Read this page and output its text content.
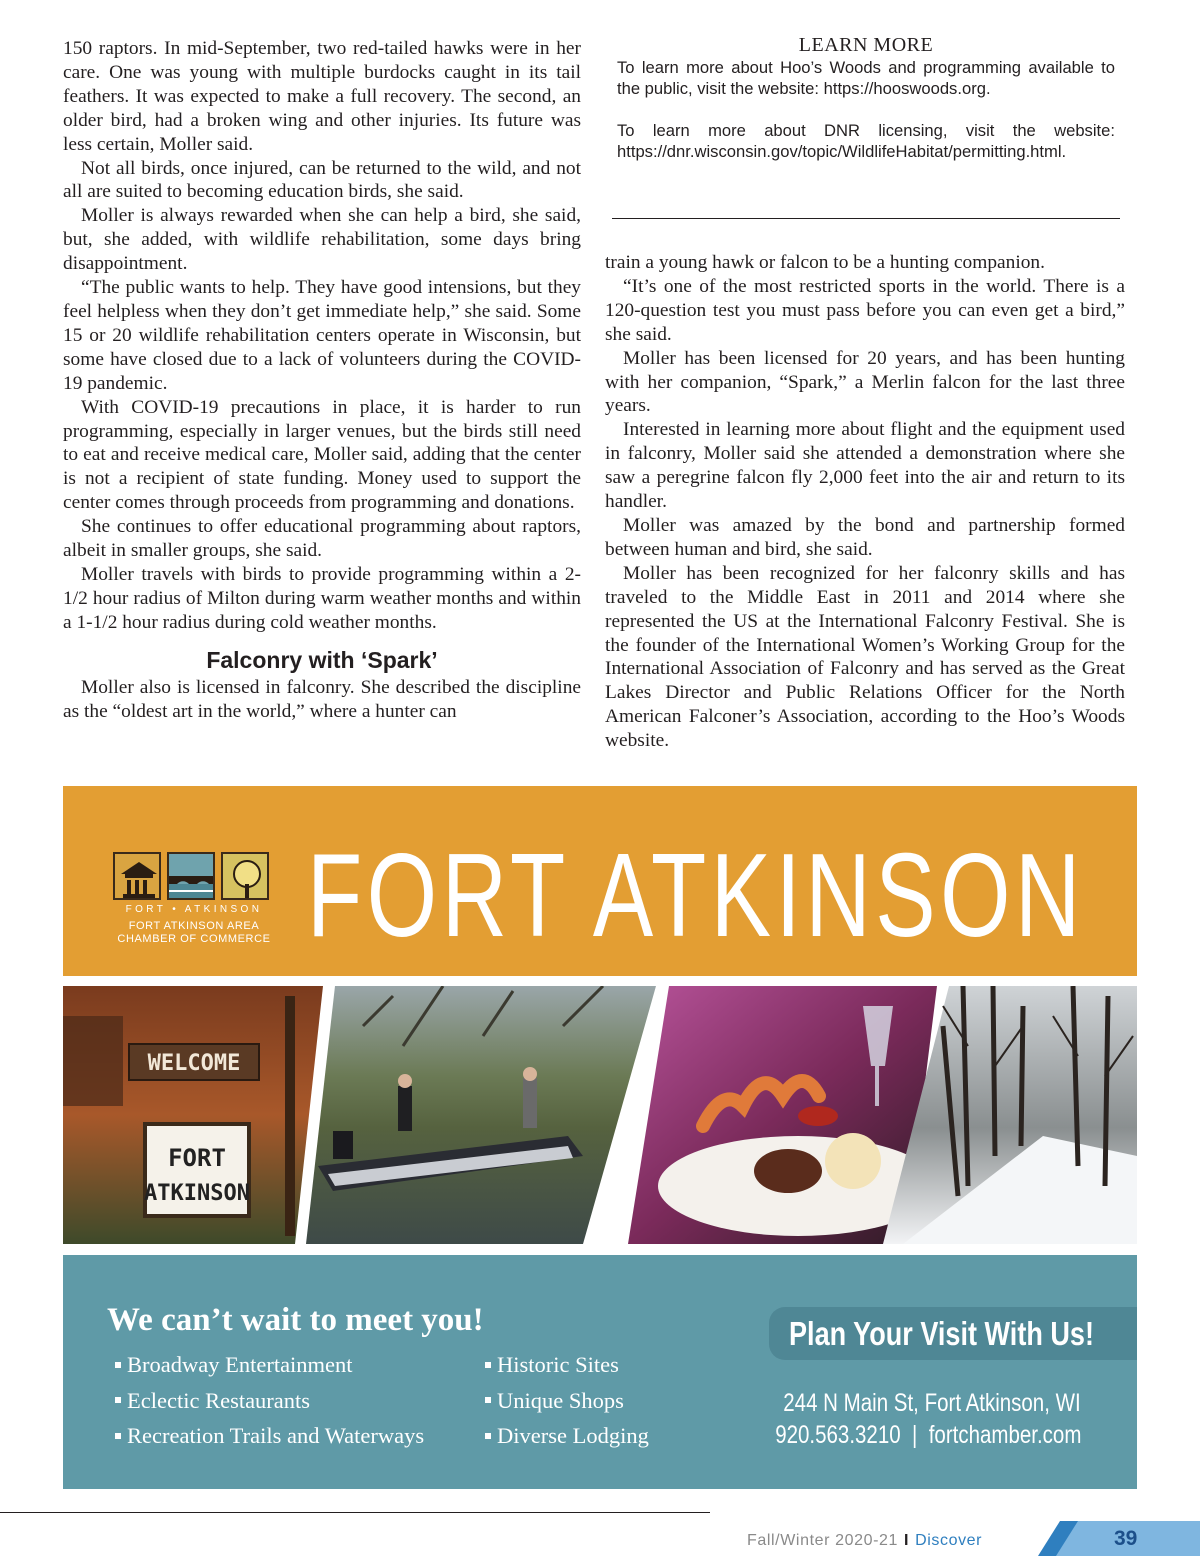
150 raptors. In mid-September, two red-tailed hawks were in her care. One was young with multiple burdocks caught in its tail feathers. It was expected to make a full recovery. The second, an older bird, had a broken wing and other injuries. Its future was less certain, Moller said.

Not all birds, once injured, can be returned to the wild, and not all are suited to becoming education birds, she said.

Moller is always rewarded when she can help a bird, she said, but, she added, with wildlife rehabilitation, some days bring disappointment.

“The public wants to help. They have good intensions, but they feel helpless when they don’t get immediate help,” she said. Some 15 or 20 wildlife rehabilitation centers operate in Wisconsin, but some have closed due to a lack of volunteers during the COVID-19 pandemic.

With COVID-19 precautions in place, it is harder to run programming, especially in larger venues, but the birds still need to eat and receive medical care, Moller said, adding that the center is not a recipient of state funding. Money used to support the center comes through proceeds from programming and donations.

She continues to offer educational programming about raptors, albeit in smaller groups, she said.

Moller travels with birds to provide programming within a 2-1/2 hour radius of Milton during warm weather months and within a 1-1/2 hour radius during cold weather months.

Falconry with ‘Spark’

Moller also is licensed in falconry. She described the discipline as the “oldest art in the world,” where a hunter can

LEARN MORE
To learn more about Hoo’s Woods and programming available to the public, visit the website: https://hooswoods.org.
To learn more about DNR licensing, visit the website: https://dnr.wisconsin.gov/topic/WildlifeHabitat/permitting.html.

train a young hawk or falcon to be a hunting companion.

“It’s one of the most restricted sports in the world. There is a 120-question test you must pass before you can even get a bird,” she said.

Moller has been licensed for 20 years, and has been hunting with her companion, “Spark,” a Merlin falcon for the last three years.

Interested in learning more about flight and the equipment used in falconry, Moller said she attended a demonstration where she saw a peregrine falcon fly 2,000 feet into the air and return to its handler.

Moller was amazed by the bond and partnership formed between human and bird, she said.

Moller has been recognized for her falconry skills and has traveled to the Middle East in 2011 and 2014 where she represented the US at the International Falconry Festival. She is the founder of the International Women’s Working Group for the International Association of Falconry and has served as the Great Lakes Director and Public Relations Officer for the North American Falconer’s Association, according to the Hoo’s Woods website.

FORT • ATKINSON
FORT ATKINSON AREA
CHAMBER OF COMMERCE FORT ATKINSON
WELCOME
FORT
ATKINSON
We can’t wait to meet you!
Broadway Entertainment
Eclectic Restaurants
Recreation Trails and Waterways
Historic Sites
Unique Shops
Diverse Lodging
Plan Your Visit With Us!
244 N Main St, Fort Atkinson, WI
920.563.3210  |  fortchamber.com
Fall/Winter 2020-21 I Discover	39
